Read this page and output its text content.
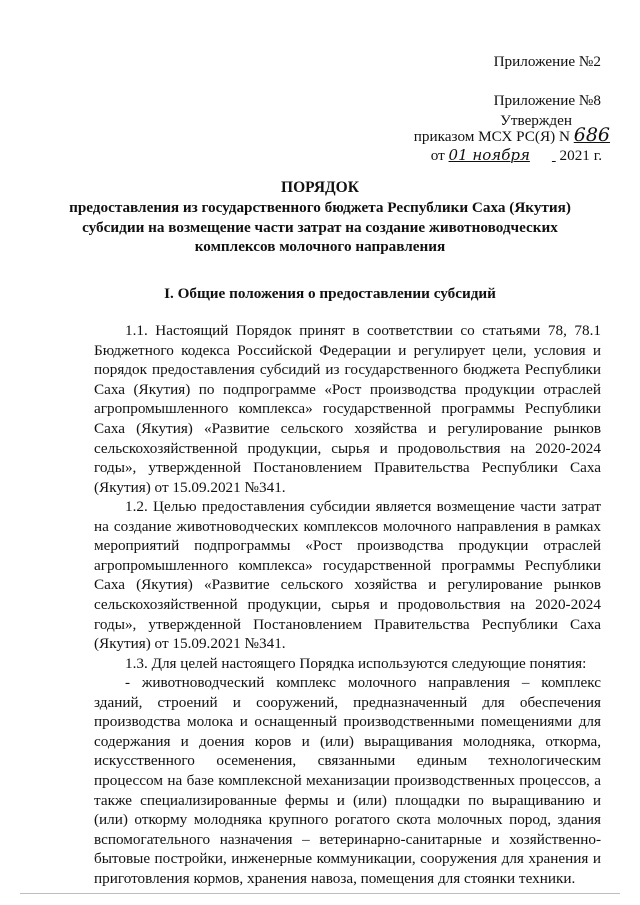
Приложение №2
Приложение №8
Утвержден
приказом МСХ РС(Я) N 686
от 01 ноября 2021 г.
ПОРЯДОК
предоставления из государственного бюджета Республики Саха (Якутия)
субсидии на возмещение части затрат на создание животноводческих
комплексов молочного направления
I. Общие положения о предоставлении субсидий
1.1. Настоящий Порядок принят в соответствии со статьями 78, 78.1
Бюджетного кодекса Российской Федерации и регулирует цели, условия и
порядок предоставления субсидий из государственного бюджета Республики
Саха (Якутия) по подпрограмме «Рост производства продукции отраслей
агропромышленного комплекса» государственной программы Республики
Саха (Якутия) «Развитие сельского хозяйства и регулирование рынков
сельскохозяйственной продукции, сырья и продовольствия на 2020-2024
годы», утвержденной Постановлением Правительства Республики Саха
(Якутия) от 15.09.2021 №341.
1.2. Целью предоставления субсидии является возмещение части затрат
на создание животноводческих комплексов молочного направления в рамках
мероприятий подпрограммы «Рост производства продукции отраслей
агропромышленного комплекса» государственной программы Республики
Саха (Якутия) «Развитие сельского хозяйства и регулирование рынков
сельскохозяйственной продукции, сырья и продовольствия на 2020-2024
годы», утвержденной Постановлением Правительства Республики Саха
(Якутия) от 15.09.2021 №341.
1.3. Для целей настоящего Порядка используются следующие понятия:
- животноводческий комплекс молочного направления – комплекс
зданий, строений и сооружений, предназначенный для обеспечения
производства молока и оснащенный производственными помещениями для
содержания и доения коров и (или) выращивания молодняка, откорма,
искусственного осеменения, связанными единым технологическим
процессом на базе комплексной механизации производственных процессов, а
также специализированные фермы и (или) площадки по выращиванию и
(или) откорму молодняка крупного рогатого скота молочных пород, здания
вспомогательного назначения – ветеринарно-санитарные и хозяйственно-
бытовые постройки, инженерные коммуникации, сооружения для хранения и
приготовления кормов, хранения навоза, помещения для стоянки техники.
